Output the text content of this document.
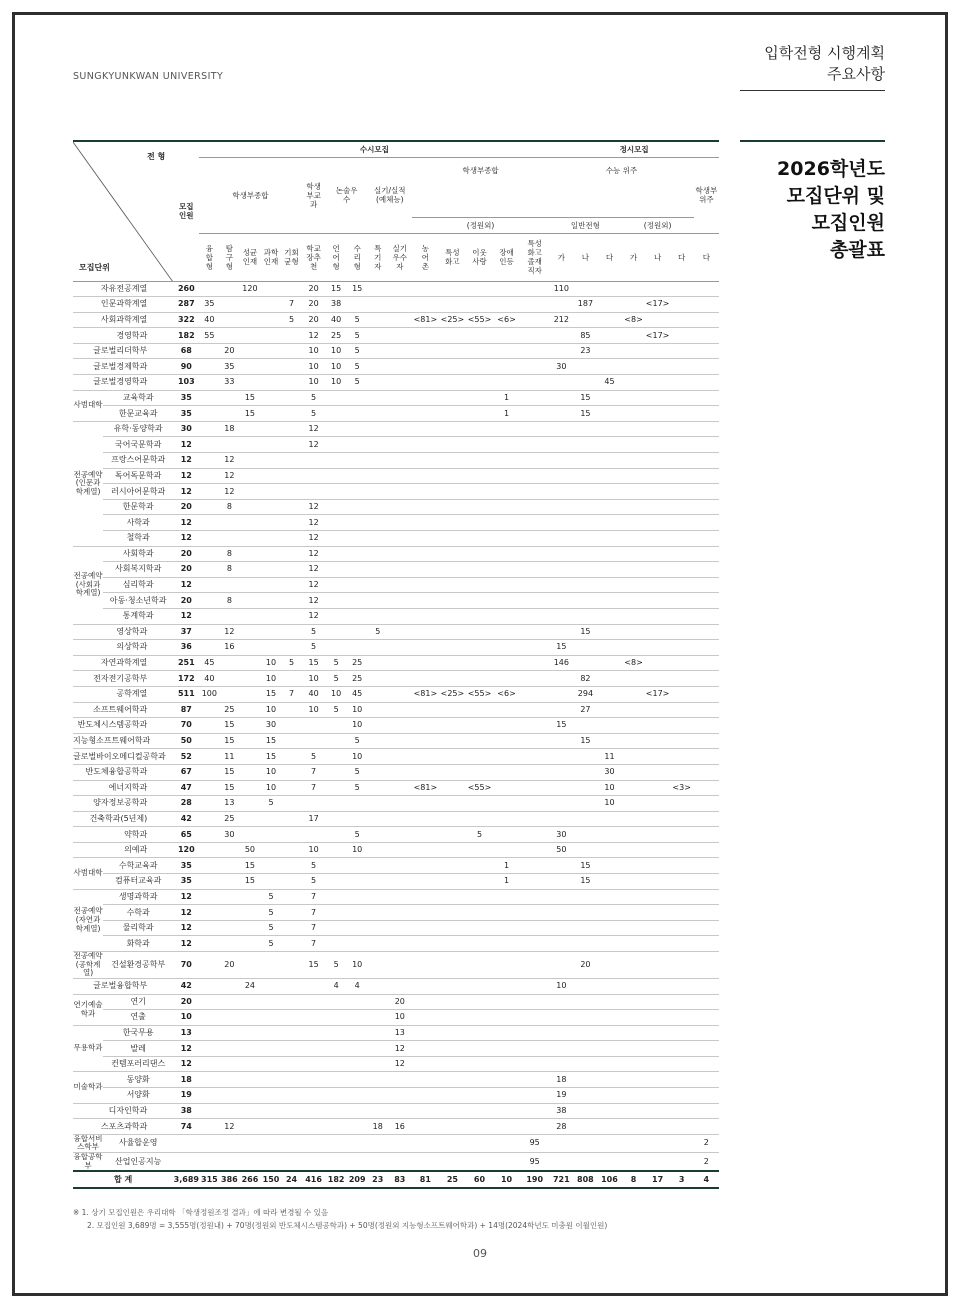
SUNGKYUNKWAN UNIVERSITY
입학전형 시행계획
주요사항
2026학년도
모집단위 및
모집인원
총괄표
전 형
모집단위		모집인원	수시모집															정시모집						
			학생부종합					학생부교과	논술우수		실기/실적(예체능)		학생부종합					수능 위주						학생부위주

													(정원외)					일반전형			(정원외)			

			융합형	탐구형	성균인재	과학인재	기회균형	학교장추천	언어형	수리형	특기자	실기우수자	농어촌	특성화고	이웃사랑	장애인등	특성화고졸재직자	가	나	다	가	나	다	다

자유전공계열		260			120			20	15	15								110						
인문과학계열		287	35				7	20	38										187			<17>		
사회과학계열		322	40				5	20	40	5			<81>	<25>	<55>	<6>		212			<8>			
경영학과		182	55					12	25	5									85			<17>		
글로벌리더학부		68		20				10	10	5									23					
글로벌경제학과		90		35				10	10	5								30						
글로벌경영학과		103		33				10	10	5										45				
사범대학	교육학과	35			15			5								1			15					
	한문교육과	35			15			5								1			15					
전공예약(인문과학계열)	유학·동양학과	30		18				12																
	국어국문학과	12						12																
	프랑스어문학과	12		12																				
	독어독문학과	12		12																				
	러시아어문학과	12		12																				
	한문학과	20		8				12																
	사학과	12						12																
	철학과	12						12																
전공예약(사회과학계열)	사회학과	20		8				12																
	사회복지학과	20		8				12																
	심리학과	12						12																
	아동·청소년학과	20		8				12																
	통계학과	12						12																
영상학과		37		12				5			5								15					
의상학과		36		16				5										15						
자연과학계열		251	45			10	5	15	5	25								146			<8>			
전자전기공학부		172	40			10		10	5	25									82					
공학계열		511	100			15	7	40	10	45			<81>	<25>	<55>	<6>			294			<17>		
소프트웨어학과		87		25		10		10	5	10									27					
반도체시스템공학과		70		15		30				10								15						
지능형소프트웨어학과		50		15		15				5									15					
글로벌바이오메디컬공학과		52		11		15		5		10										11				
반도체융합공학과		67		15		10		7		5										30				
에너지학과		47		15		10		7		5			<81>		<55>					10			<3>	
양자정보공학과		28		13		5														10				
건축학과(5년제)		42		25				17																
약학과		65		30						5					5			30						
의예과		120			50			10		10								50						
사범대학	수학교육과	35			15			5								1			15					
	컴퓨터교육과	35			15			5								1			15					
전공예약(자연과학계열)	생명과학과	12				5		7																
	수학과	12				5		7																
	물리학과	12				5		7																
	화학과	12				5		7																
전공예약(공학계열)	건설환경공학부	70		20				15	5	10									20					
글로벌융합학부		42			24				4	4								10						
연기예술학과	연기	20										20												
	연출	10										10												
무용학과	한국무용	13										13												
	발레	12										12												
	컨템포러리댄스	12										12												
미술학과	동양화	18																18						
	서양화	19																19						
디자인학과		38																38						
스포츠과학과		74		12							18	16						28						
융합서비스학부	사율합운영																95							2
융합공학부	산업인공지능																95							2
합 계		3,689	315	386	266	150	24	416	182	209	23	83	81	25	60	10	190	721	808	106	8	17	3	4
※ 1. 상기 모집인원은 우리대학 「학생정원조정 결과」에 따라 변경될 수 있음
2. 모집인원 3,689명 = 3,555명(정원내) + 70명(정원외 반도체시스템공학과) + 50명(정원외 지능형소프트웨어학과) + 14명(2024학년도 미충원 이월인원)
09
